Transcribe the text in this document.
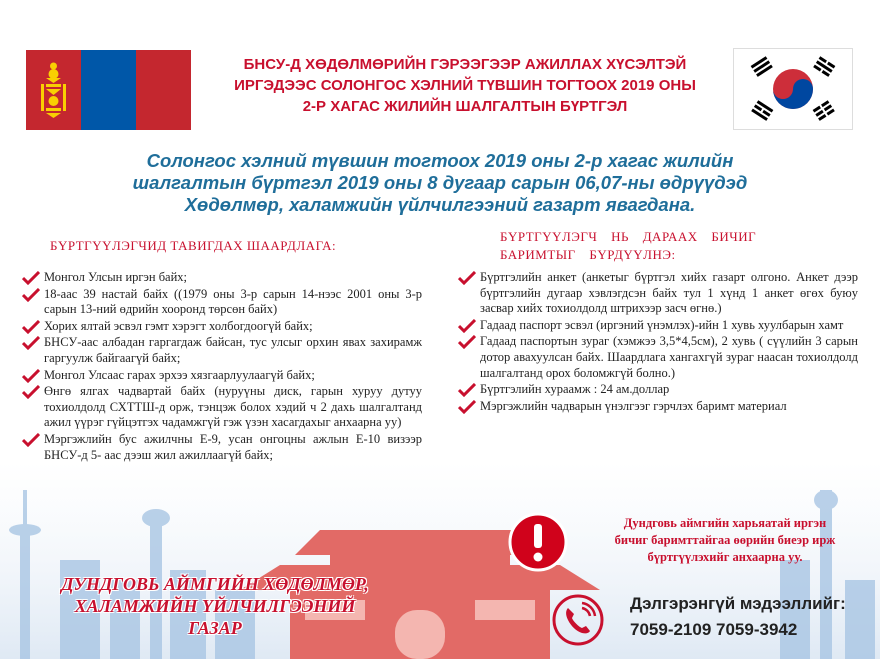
БНСУ-Д ХӨДӨЛМӨРИЙН ГЭРЭЭГЭЭР АЖИЛЛАХ ХҮСЭЛТЭЙ
ИРГЭДЭЭС СОЛОНГОС ХЭЛНИЙ ТҮВШИН ТОГТООХ 2019 ОНЫ
2-Р ХАГАС ЖИЛИЙН ШАЛГАЛТЫН БҮРТГЭЛ
Солонгос хэлний түвшин тогтоох 2019 оны 2-р хагас жилийн
шалгалтын бүртгэл 2019 оны 8 дугаар сарын 06,07-ны өдрүүдэд
Хөдөлмөр, халамжийн үйлчилгээний газарт явагдана.
БҮРТГҮҮЛЭГЧИД ТАВИГДАХ ШААРДЛАГА:
БҮРТГҮҮЛЭГЧ НЬ ДАРААХ БИЧИГ БАРИМТЫГ БҮРДҮҮЛНЭ:
Монгол Улсын иргэн байх;
18-аас 39 настай байх ((1979 оны 3-р сарын 14-нээс 2001 оны 3-р сарын 13-ний өдрийн хооронд төрсөн байх)
Хорих ялтай эсвэл гэмт хэрэгт холбогдоогүй байх;
БНСУ-аас албадан гаргагдаж байсан, тус улсыг орхин явах захирамж гаргуулж байгаагүй байх;
Монгол Улсаас гарах эрхээ хязгаарлуулаагүй байх;
Өнгө ялгах чадвартай байх (нуруүны диск, гарын хуруу дутуу тохиолдолд СХТТШ-д орж, тэнцэж болох хэдий ч 2 дахь шалгалтанд ажил үүрэг гүйцэтгэх чадамжгүй гэж үзэн хасагдахыг анхаарна уу)
Мэргэжлийн бус ажилчны Е-9, усан онгоцны ажлын Е-10 визээр БНСУ-д 5- аас дээш жил ажиллаагүй байх;
Бүртгэлийн анкет (анкетыг бүртгэл хийх газарт олгоно. Анкет дээр бүртгэлийн дугаар хэвлэгдсэн байх тул 1 хүнд 1 анкет өгөх буюу засвар хийх тохиолдолд штрихээр засч өгнө.)
Гадаад паспорт эсвэл (иргэний үнэмлэх)-ийн 1 хувь хуулбарын хамт
Гадаад паспортын зураг (хэмжээ 3,5*4,5см), 2 хувь ( сүүлийн 3 сарын дотор авахуулсан байх. Шаардлага хангахгүй зураг наасан тохиолдолд шалгалтанд орох боломжгүй болно.)
Бүртгэлийн хураамж : 24 ам.доллар
Мэргэжлийн чадварын үнэлгээг гэрчлэх баримт материал
ДУНДГОВЬ АЙМГИЙН ХӨДӨЛМӨР,
ХАЛАМЖИЙН ҮЙЛЧИЛГЭЭНИЙ
ГАЗАР
Дундговь аймгийн харьяатай иргэн
бичиг баримттайгаа өөрийн биеэр ирж
бүртгүүлэхийг анхаарна уу.
Дэлгэрэнгүй мэдээллийг:
7059-2109 7059-3942
